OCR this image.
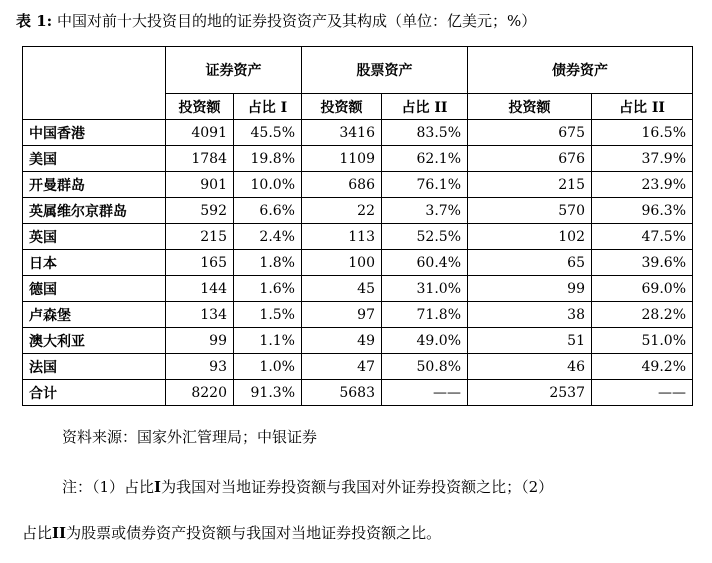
表 1: 中国对前十大投资目的地的证券投资资产及其构成（单位：亿美元；%）
	证券资产		股票资产		债券资产	
	投资额	占比 I	投资额	占比 II	投资额	占比 II
中国香港	4091	45.5%	3416	83.5%	675	16.5%
美国	1784	19.8%	1109	62.1%	676	37.9%
开曼群岛	901	10.0%	686	76.1%	215	23.9%
英属维尔京群岛	592	6.6%	22	3.7%	570	96.3%
英国	215	2.4%	113	52.5%	102	47.5%
日本	165	1.8%	100	60.4%	65	39.6%
德国	144	1.6%	45	31.0%	99	69.0%
卢森堡	134	1.5%	97	71.8%	38	28.2%
澳大利亚	99	1.1%	49	49.0%	51	51.0%
法国	93	1.0%	47	50.8%	46	49.2%
合计	8220	91.3%	5683	——	2537	——
资料来源：国家外汇管理局；中银证券
注：（1）占比I为我国对当地证券投资额与我国对外证券投资额之比；（2）
占比II为股票或债券资产投资额与我国对当地证券投资额之比。
